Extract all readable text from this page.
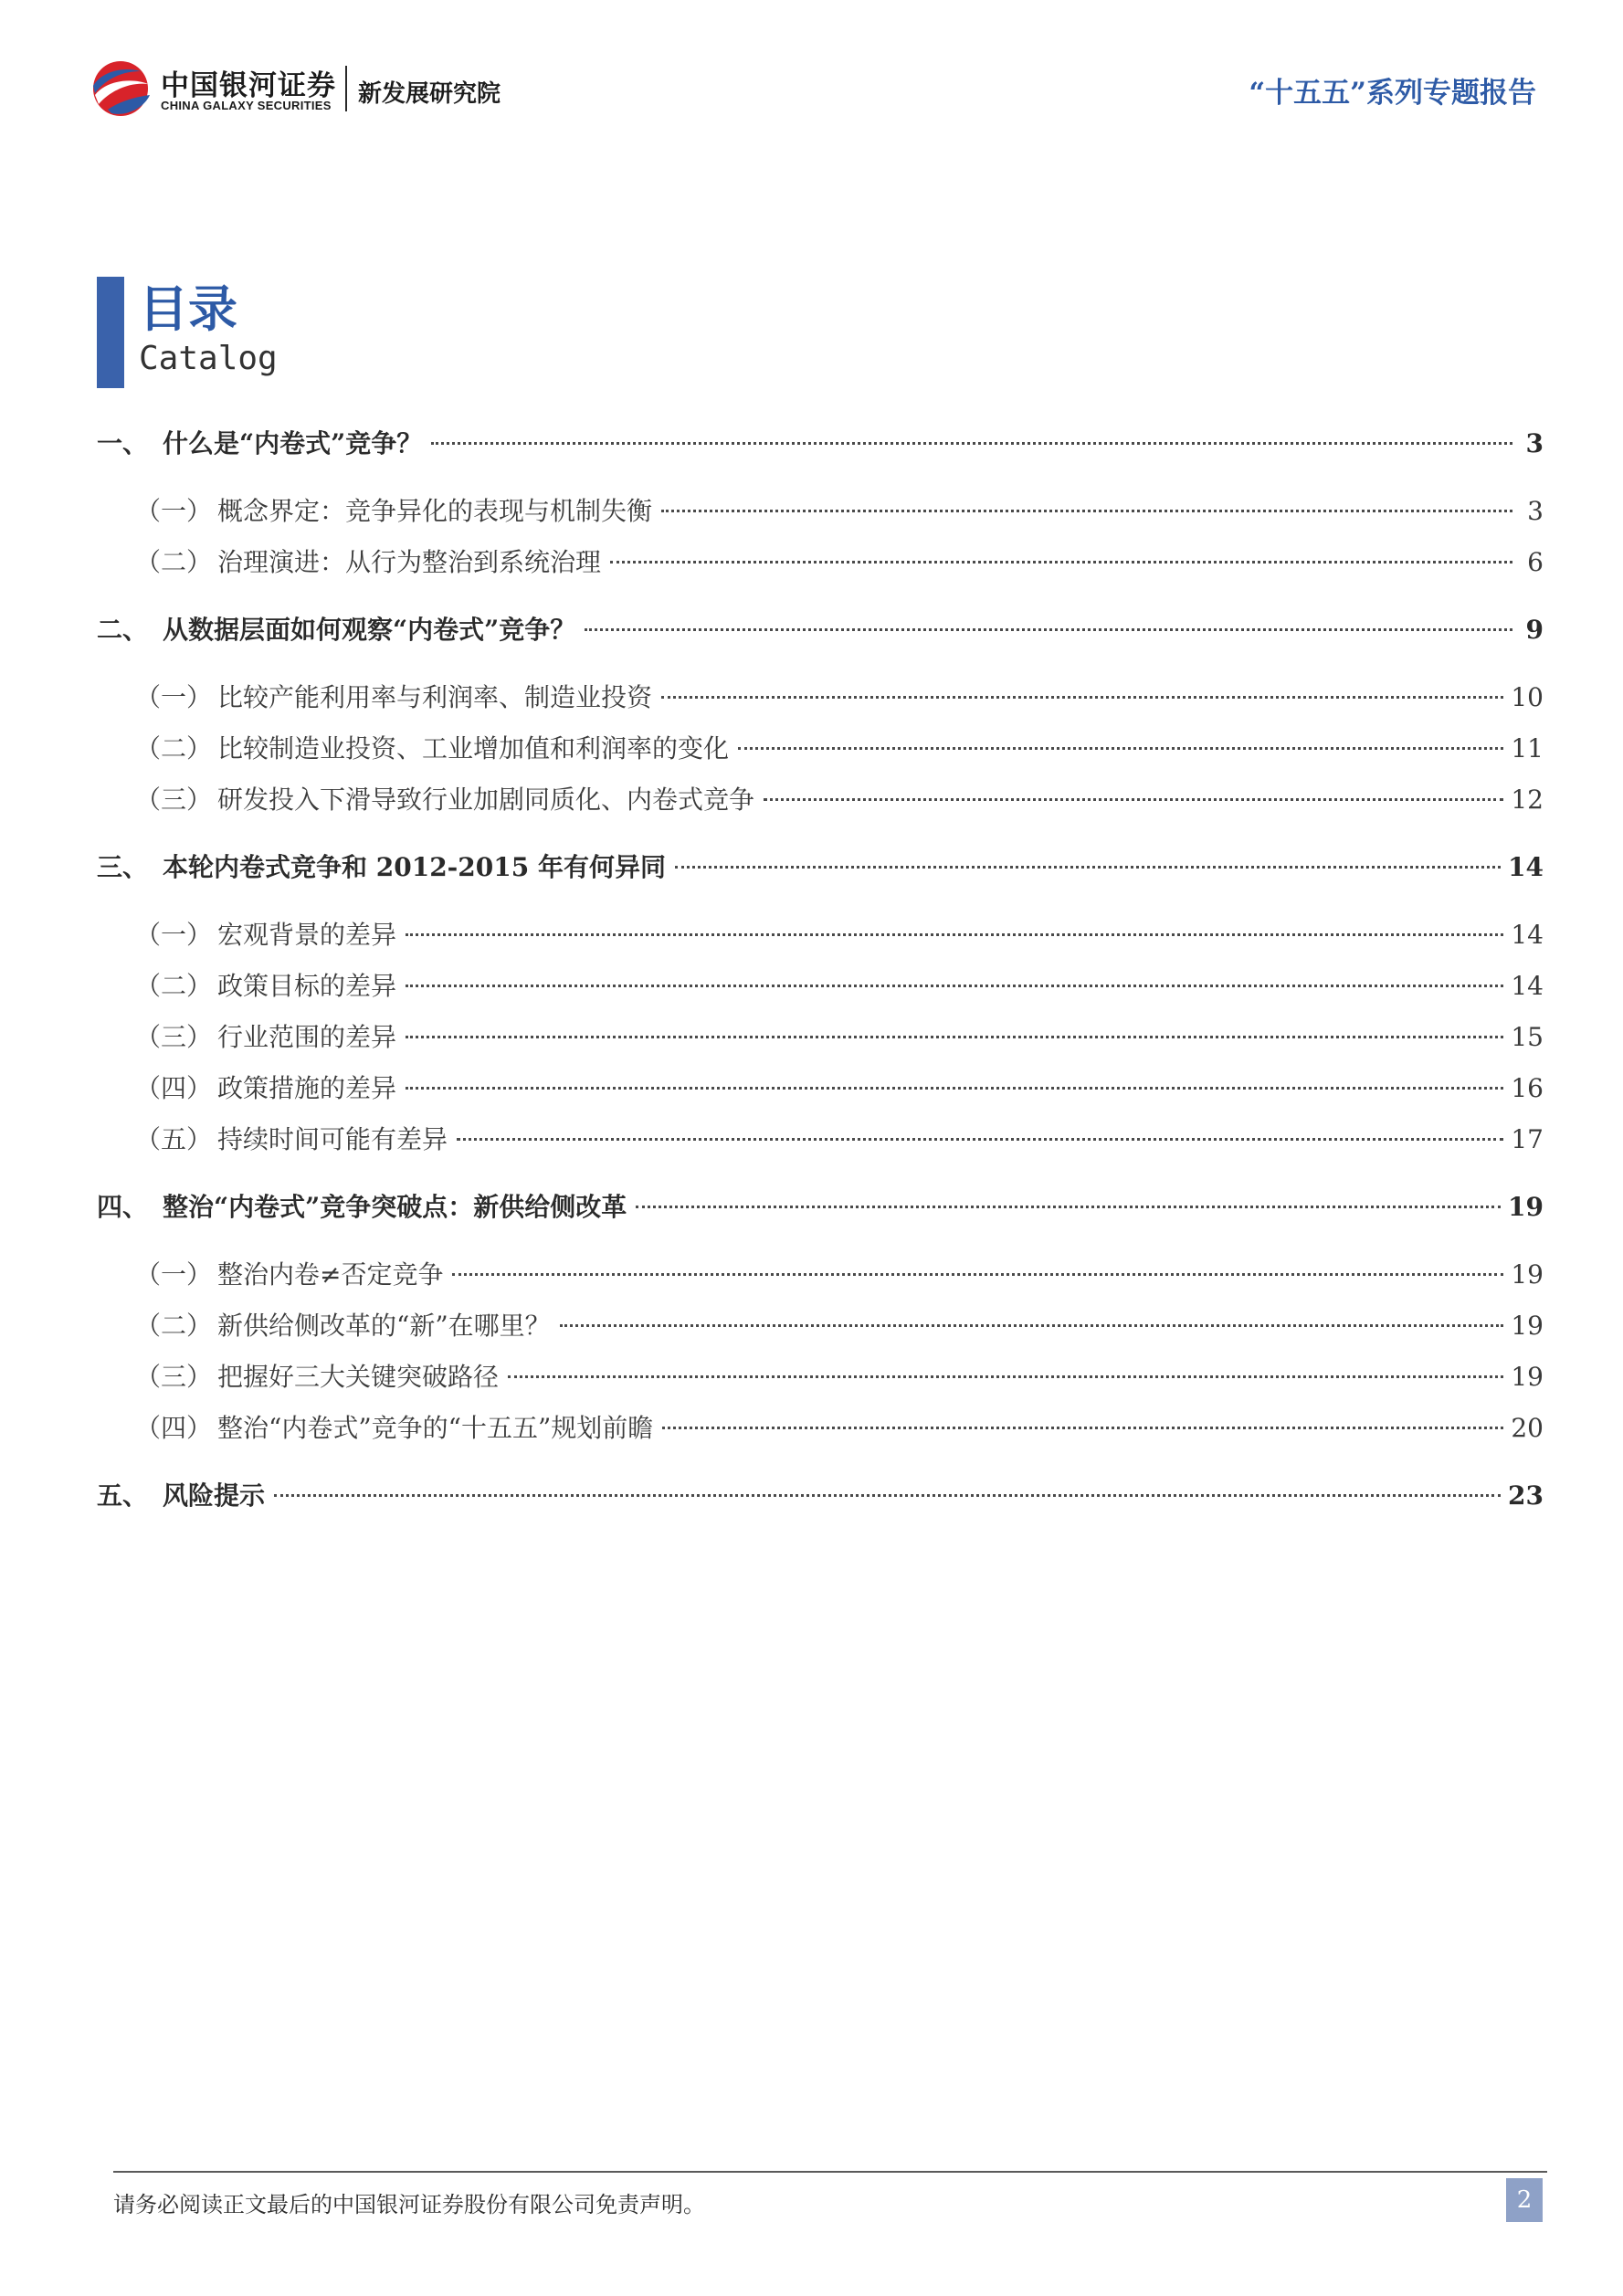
中国银河证券
CHINA GALAXY SECURITIES 新发展研究院	“十五五”系列专题报告
目录
Catalog
一、 什么是“内卷式”竞争？	3
（一） 概念界定：竞争异化的表现与机制失衡	3
（二） 治理演进：从行为整治到系统治理	6
二、 从数据层面如何观察“内卷式”竞争？	9
（一） 比较产能利用率与利润率、制造业投资	10
（二） 比较制造业投资、工业增加值和利润率的变化	11
（三） 研发投入下滑导致行业加剧同质化、内卷式竞争	12
三、 本轮内卷式竞争和 2012-2015 年有何异同	14
（一） 宏观背景的差异	14
（二） 政策目标的差异	14
（三） 行业范围的差异	15
（四） 政策措施的差异	16
（五） 持续时间可能有差异	17
四、 整治“内卷式”竞争突破点：新供给侧改革	19
（一） 整治内卷≠否定竞争	19
（二） 新供给侧改革的“新”在哪里？	19
（三） 把握好三大关键突破路径	19
（四） 整治“内卷式”竞争的“十五五”规划前瞻	20
五、 风险提示	23
请务必阅读正文最后的中国银河证券股份有限公司免责声明。	2
